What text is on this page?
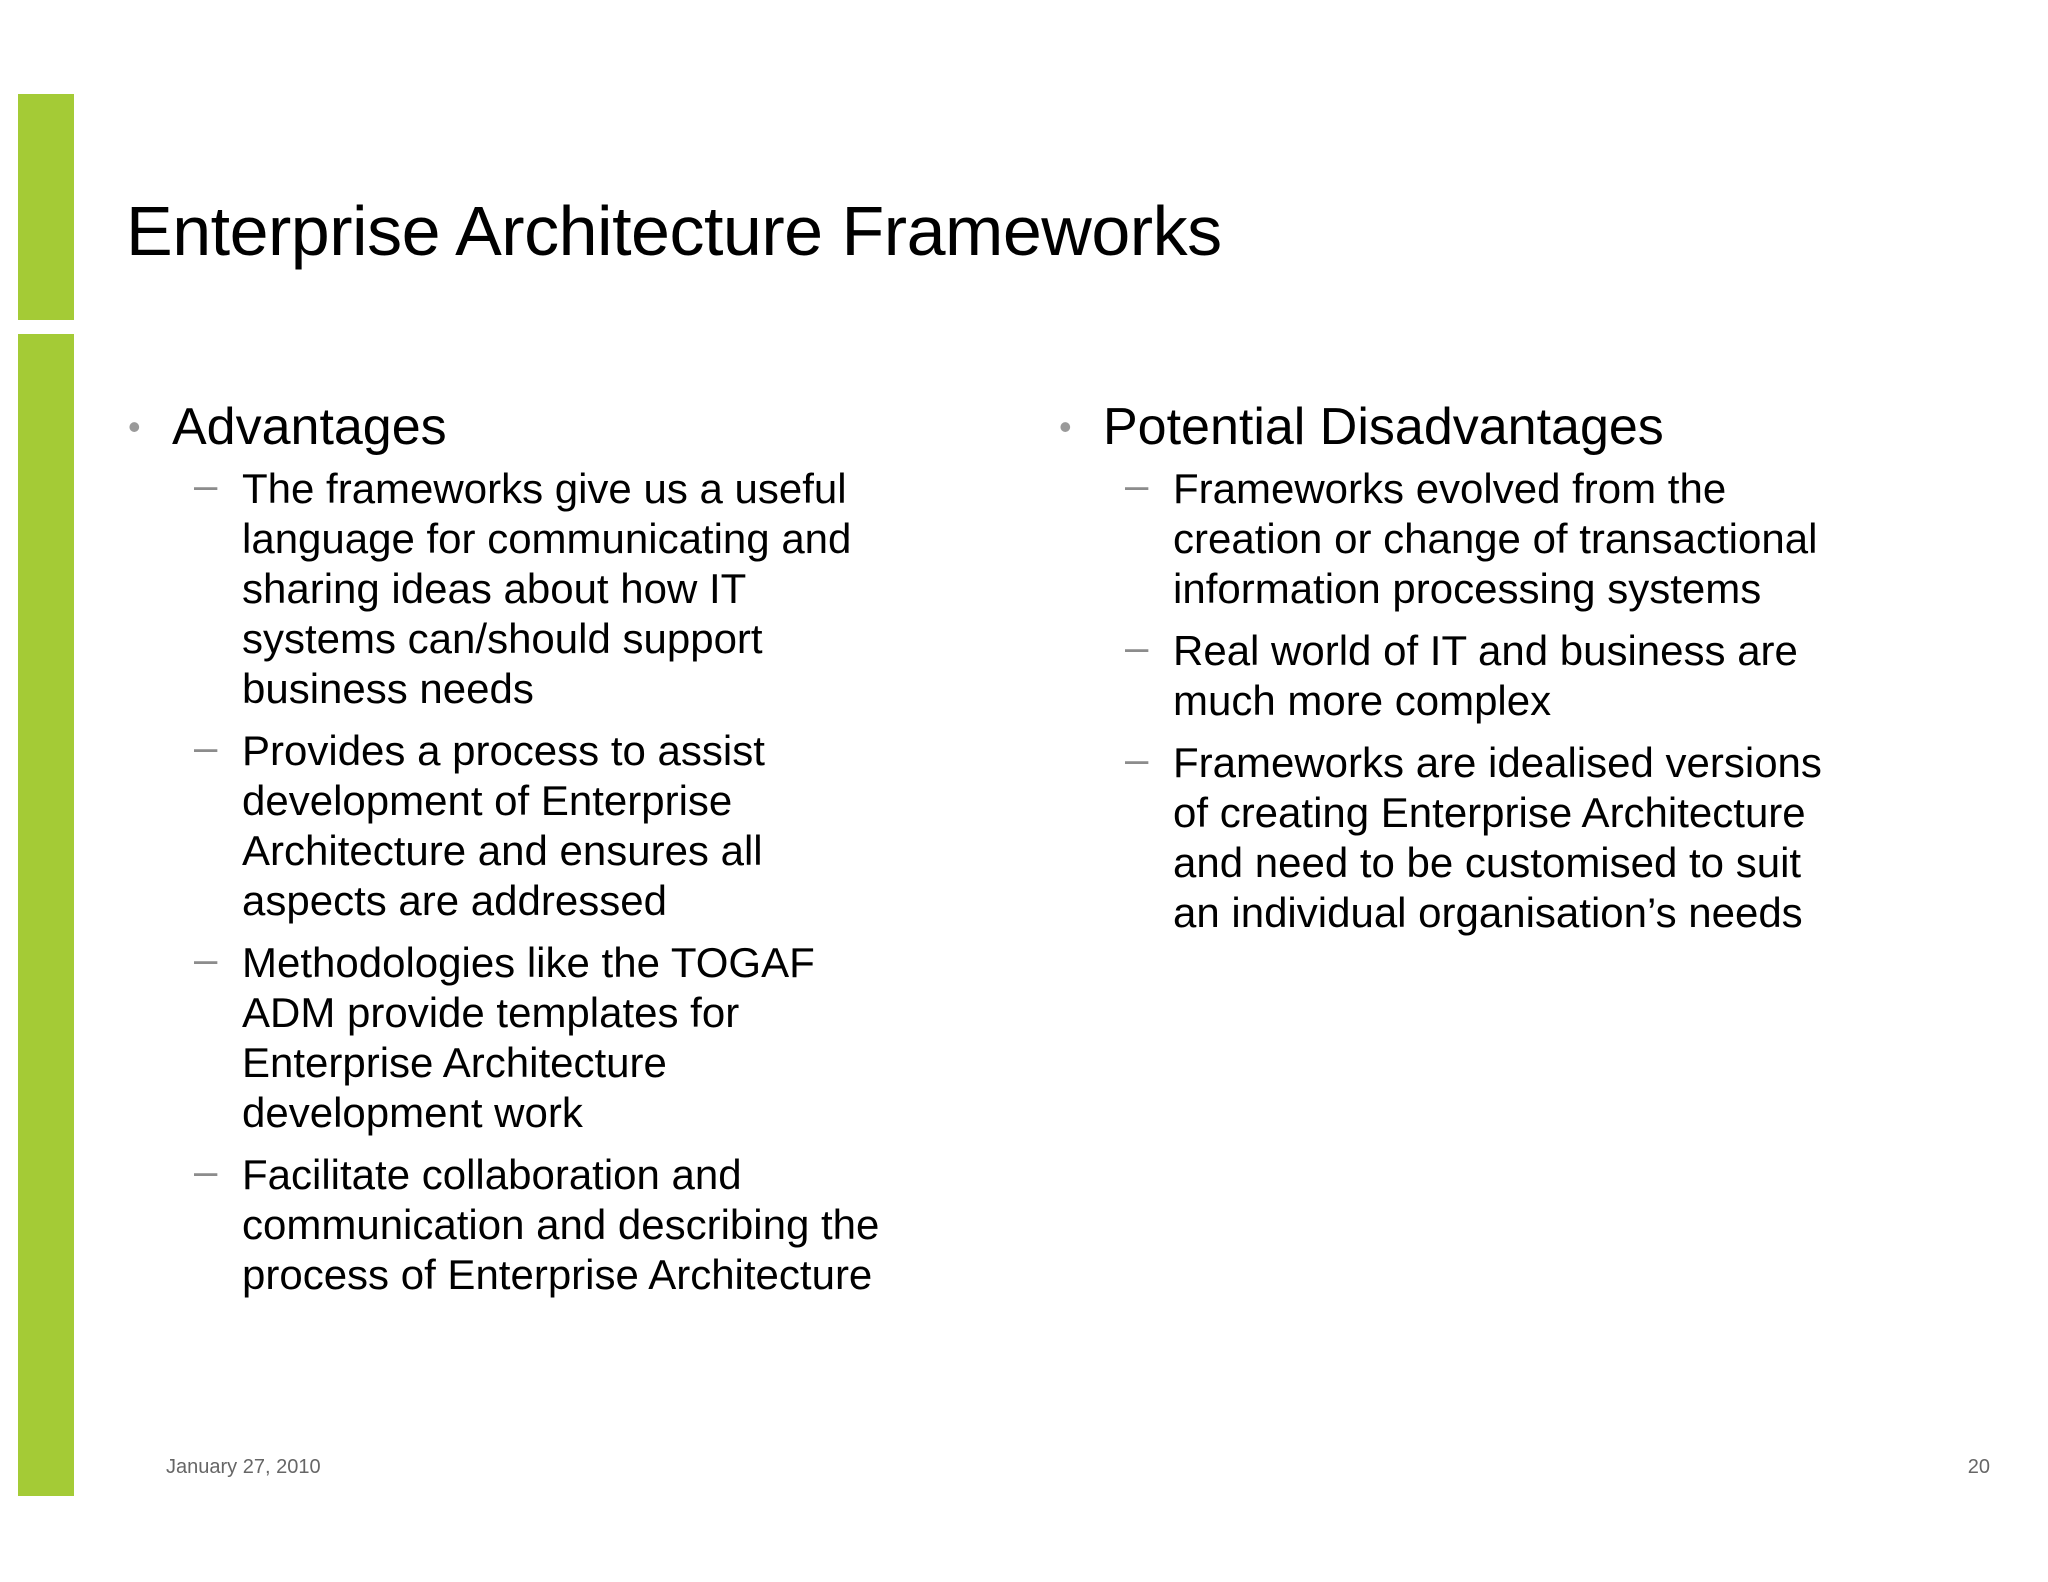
Enterprise Architecture Frameworks
• Advantages
– The frameworks give us a useful
language for communicating and
sharing ideas about how IT
systems can/should support
business needs
– Provides a process to assist
development of Enterprise
Architecture and ensures all
aspects are addressed
– Methodologies like the TOGAF
ADM provide templates for
Enterprise Architecture
development work
– Facilitate collaboration and
communication and describing the
process of Enterprise Architecture
• Potential Disadvantages
– Frameworks evolved from the
creation or change of transactional
information processing systems
– Real world of IT and business are
much more complex
– Frameworks are idealised versions
of creating Enterprise Architecture
and need to be customised to suit
an individual organisation’s needs
January 27, 2010	20
